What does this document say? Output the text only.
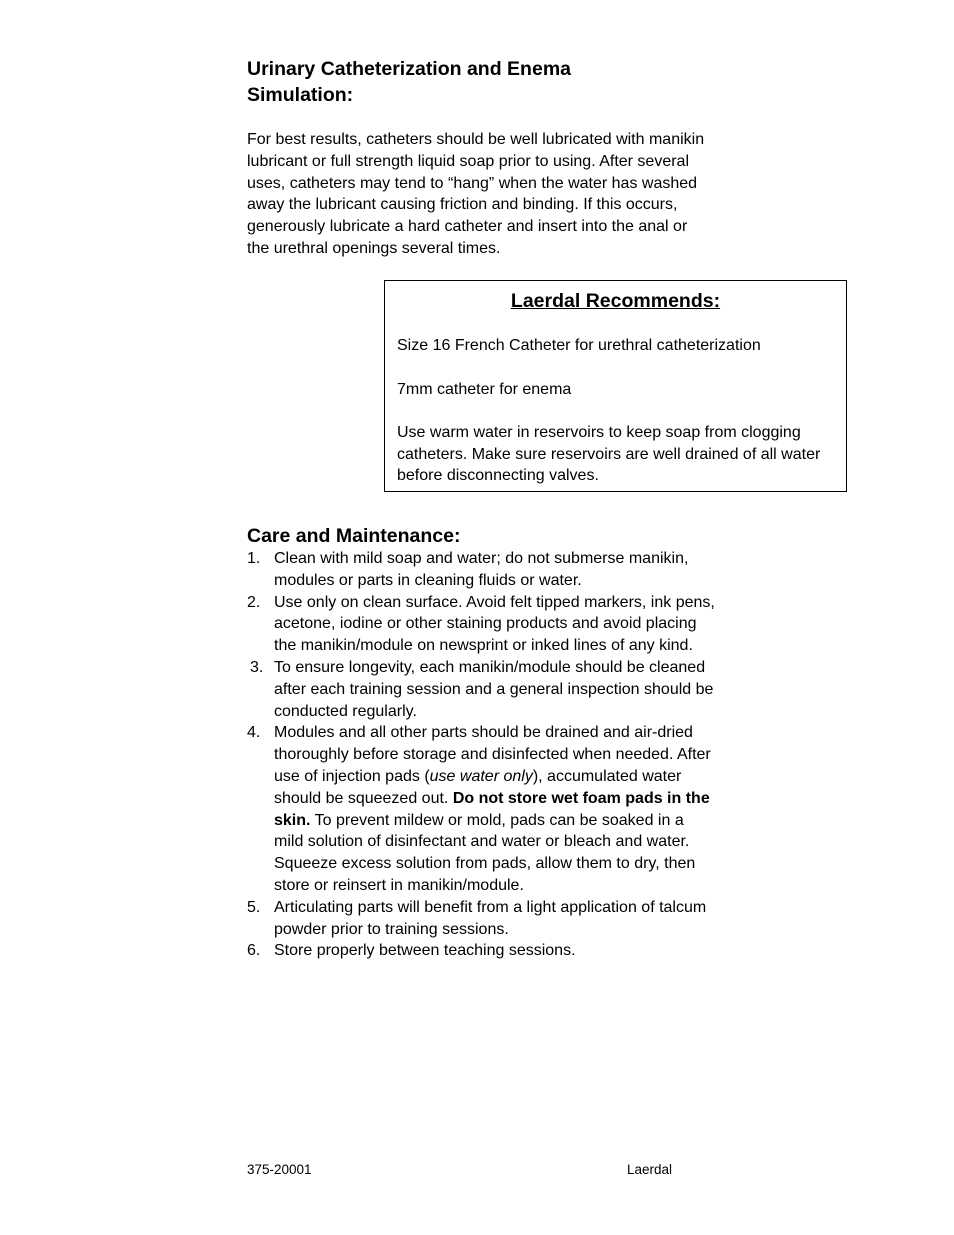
Urinary Catheterization and Enema Simulation:

For best results, catheters should be well lubricated with manikin lubricant or full strength liquid soap prior to using. After several uses, catheters may tend to “hang” when the water has washed away the lubricant causing friction and binding. If this occurs, generously lubricate a hard catheter and insert into the anal or the urethral openings several times.

Laerdal Recommends:

Size 16 French Catheter for urethral catheterization

7mm catheter for enema

Use warm water in reservoirs to keep soap from clogging catheters. Make sure reservoirs are well drained of all water before disconnecting valves.

Care and Maintenance:
1. Clean with mild soap and water; do not submerse manikin, modules or parts in cleaning fluids or water.
2. Use only on clean surface. Avoid felt tipped markers, ink pens, acetone, iodine or other staining products and avoid placing the manikin/module on newsprint or inked lines of any kind.
3. To ensure longevity, each manikin/module should be cleaned after each training session and a general inspection should be conducted regularly.
4. Modules and all other parts should be drained and air-dried thoroughly before storage and disinfected when needed. After use of injection pads (use water only), accumulated water should be squeezed out. Do not store wet foam pads in the skin. To prevent mildew or mold, pads can be soaked in a mild solution of disinfectant and water or bleach and water. Squeeze excess solution from pads, allow them to dry, then store or reinsert in manikin/module.
5. Articulating parts will benefit from a light application of talcum powder prior to training sessions.
6. Store properly between teaching sessions.
375-20001	Laerdal
